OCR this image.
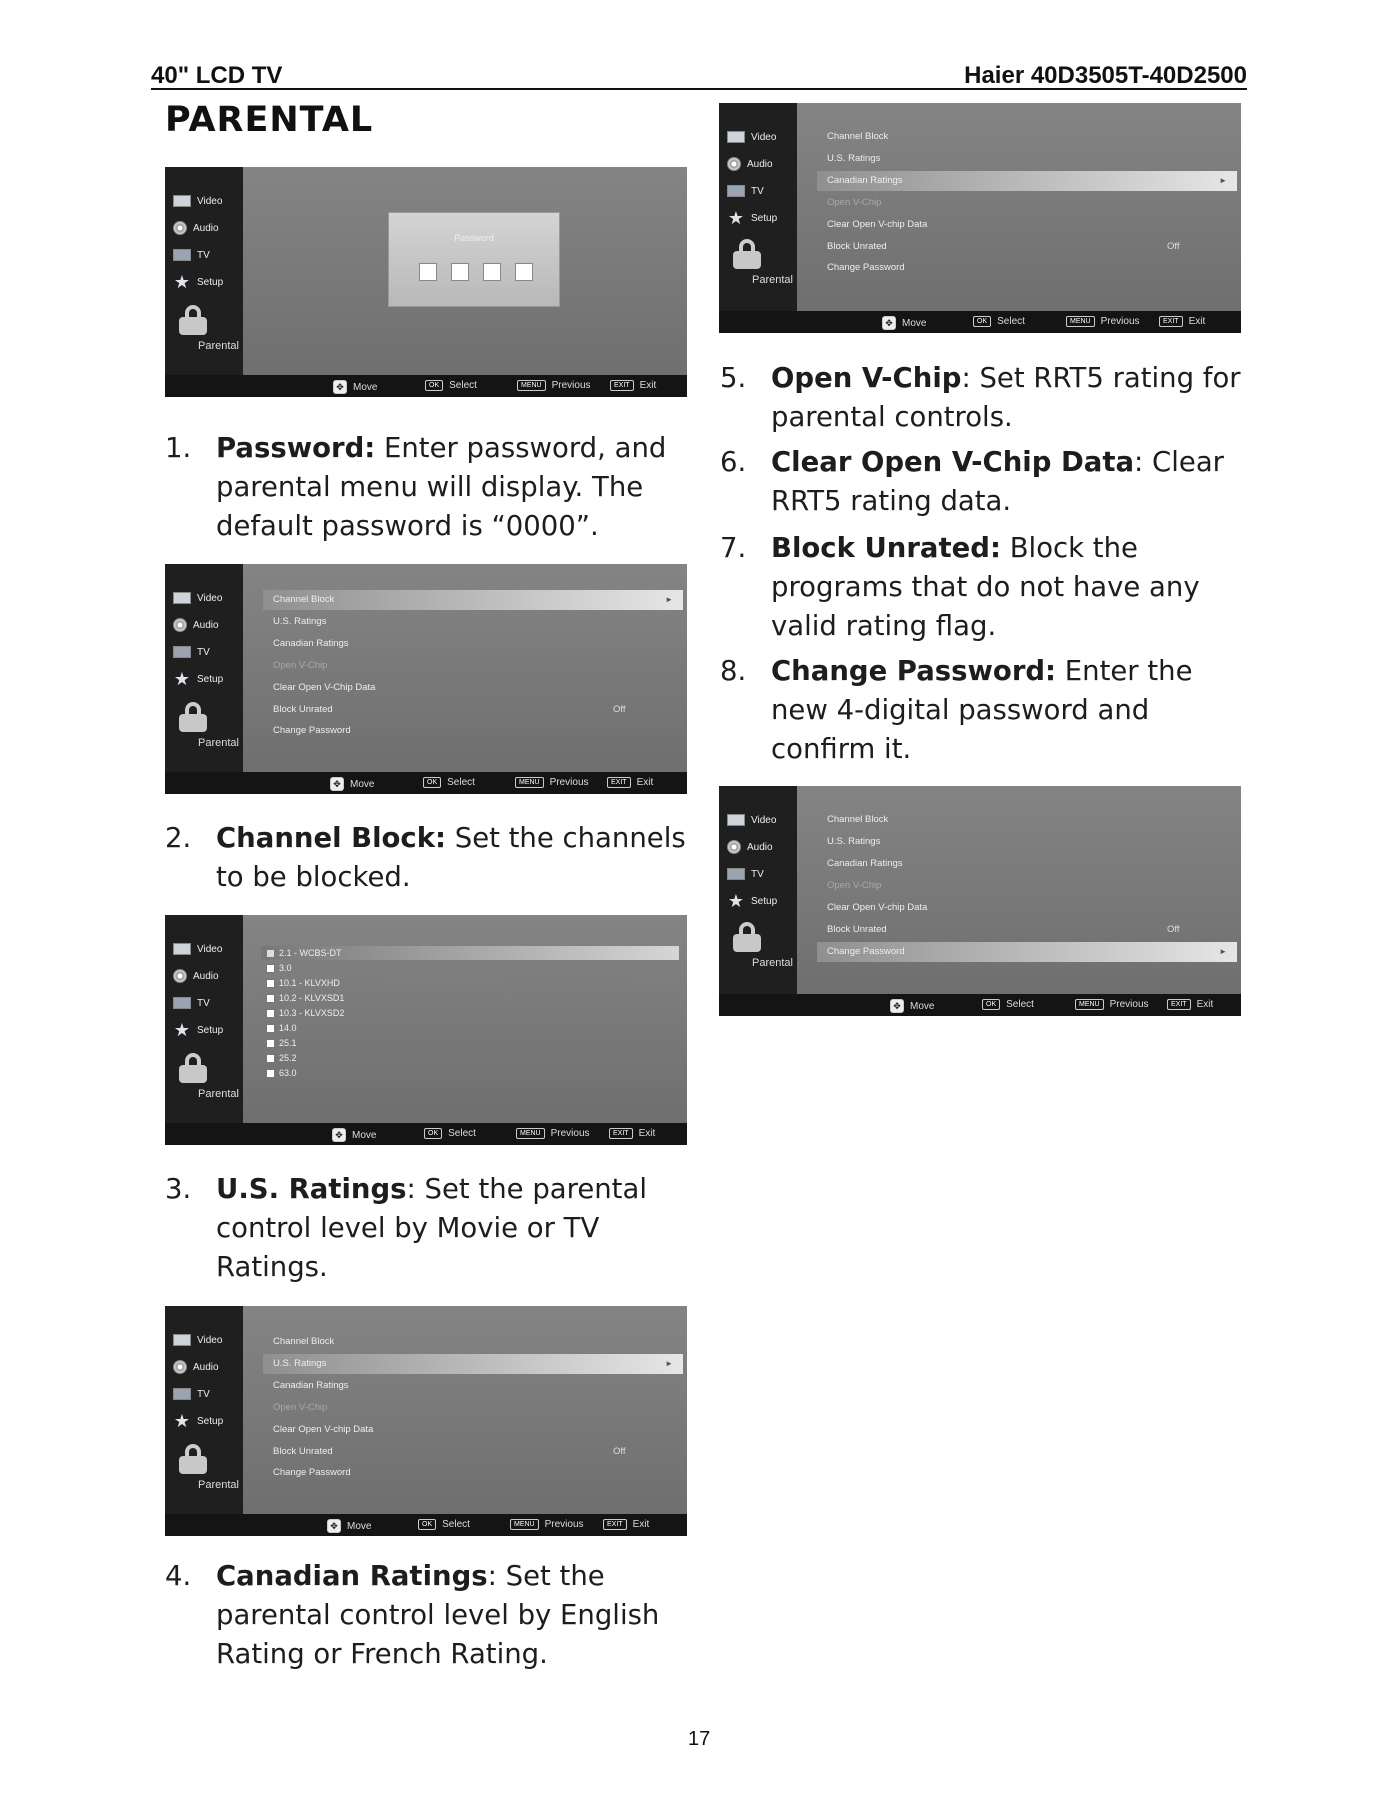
40" LCD TV	Haier 40D3505T-40D2500
PARENTAL
Video
Audio
TV
★ Setup
Parental
Password
✥ Move	OK	Select	MENU	Previous	EXIT	Exit
1. Password: Enter password, and parental menu will display. The default password is “0000”.
Video
Audio
TV
★ Setup
Parental
Channel Block	►
U.S. Ratings
Canadian Ratings
Open V-Chip
Clear Open V-Chip Data
Block Unrated	Off
Change Password
✥ Move	OK	Select	MENU	Previous	EXIT	Exit
2. Channel Block: Set the channels to be blocked.
Video
Audio
TV
★ Setup
Parental
2.1 - WCBS-DT
3.0
10.1 - KLVXHD
10.2 - KLVXSD1
10.3 - KLVXSD2
14.0
25.1
25.2
63.0
✥ Move	OK	Select	MENU	Previous	EXIT	Exit
3. U.S. Ratings: Set the parental control level by Movie or TV Ratings.
Video
Audio
TV
★ Setup
Parental
Channel Block
U.S. Ratings	►
Canadian Ratings
Open V-Chip
Clear Open V-chip Data
Block Unrated	Off
Change Password
✥ Move	OK	Select	MENU	Previous	EXIT	Exit
4. Canadian Ratings: Set the parental control level by English Rating or French Rating.
Video
Audio
TV
★ Setup
Parental
Channel Block
U.S. Ratings
Canadian Ratings	►
Open V-Chip
Clear Open V-chip Data
Block Unrated	Off
Change Password
✥ Move	OK	Select	MENU	Previous	EXIT	Exit
5. Open V-Chip: Set RRT5 rating for parental controls.
6. Clear Open V-Chip Data: Clear RRT5 rating data.
7. Block Unrated: Block the programs that do not have any valid rating flag.
8. Change Password: Enter the new 4-digital password and confirm it.
Video
Audio
TV
★ Setup
Parental
Channel Block
U.S. Ratings
Canadian Ratings
Open V-Chip
Clear Open V-chip Data
Block Unrated	Off
Change Password	►
✥ Move	OK	Select	MENU	Previous	EXIT	Exit
17
